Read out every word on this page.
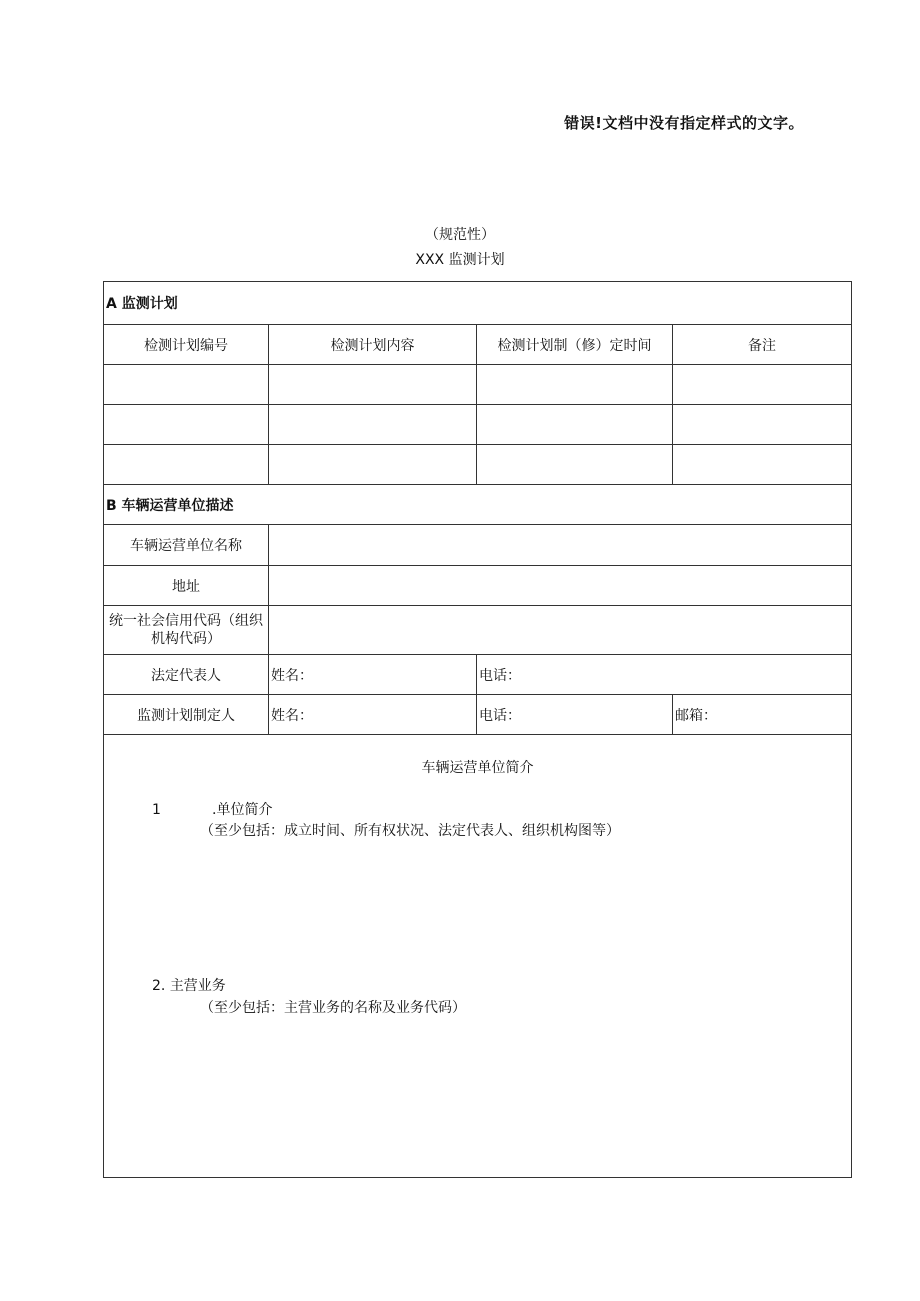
错误!文档中没有指定样式的文字。
（规范性）
XXX 监测计划
A 监测计划			
检测计划编号	检测计划内容	检测计划制（修）定时间	备注

B 车辆运营单位描述			
车辆运营单位名称			
地址			
统一社会信用代码（组织机构代码）			
法定代表人	姓名：	电话：	
监测计划制定人	姓名：	电话：	邮箱：

车辆运营单位简介
1 .单位简介
（至少包括：成立时间、所有权状况、法定代表人、组织机构图等）
2. 主营业务
（至少包括：主营业务的名称及业务代码）			
